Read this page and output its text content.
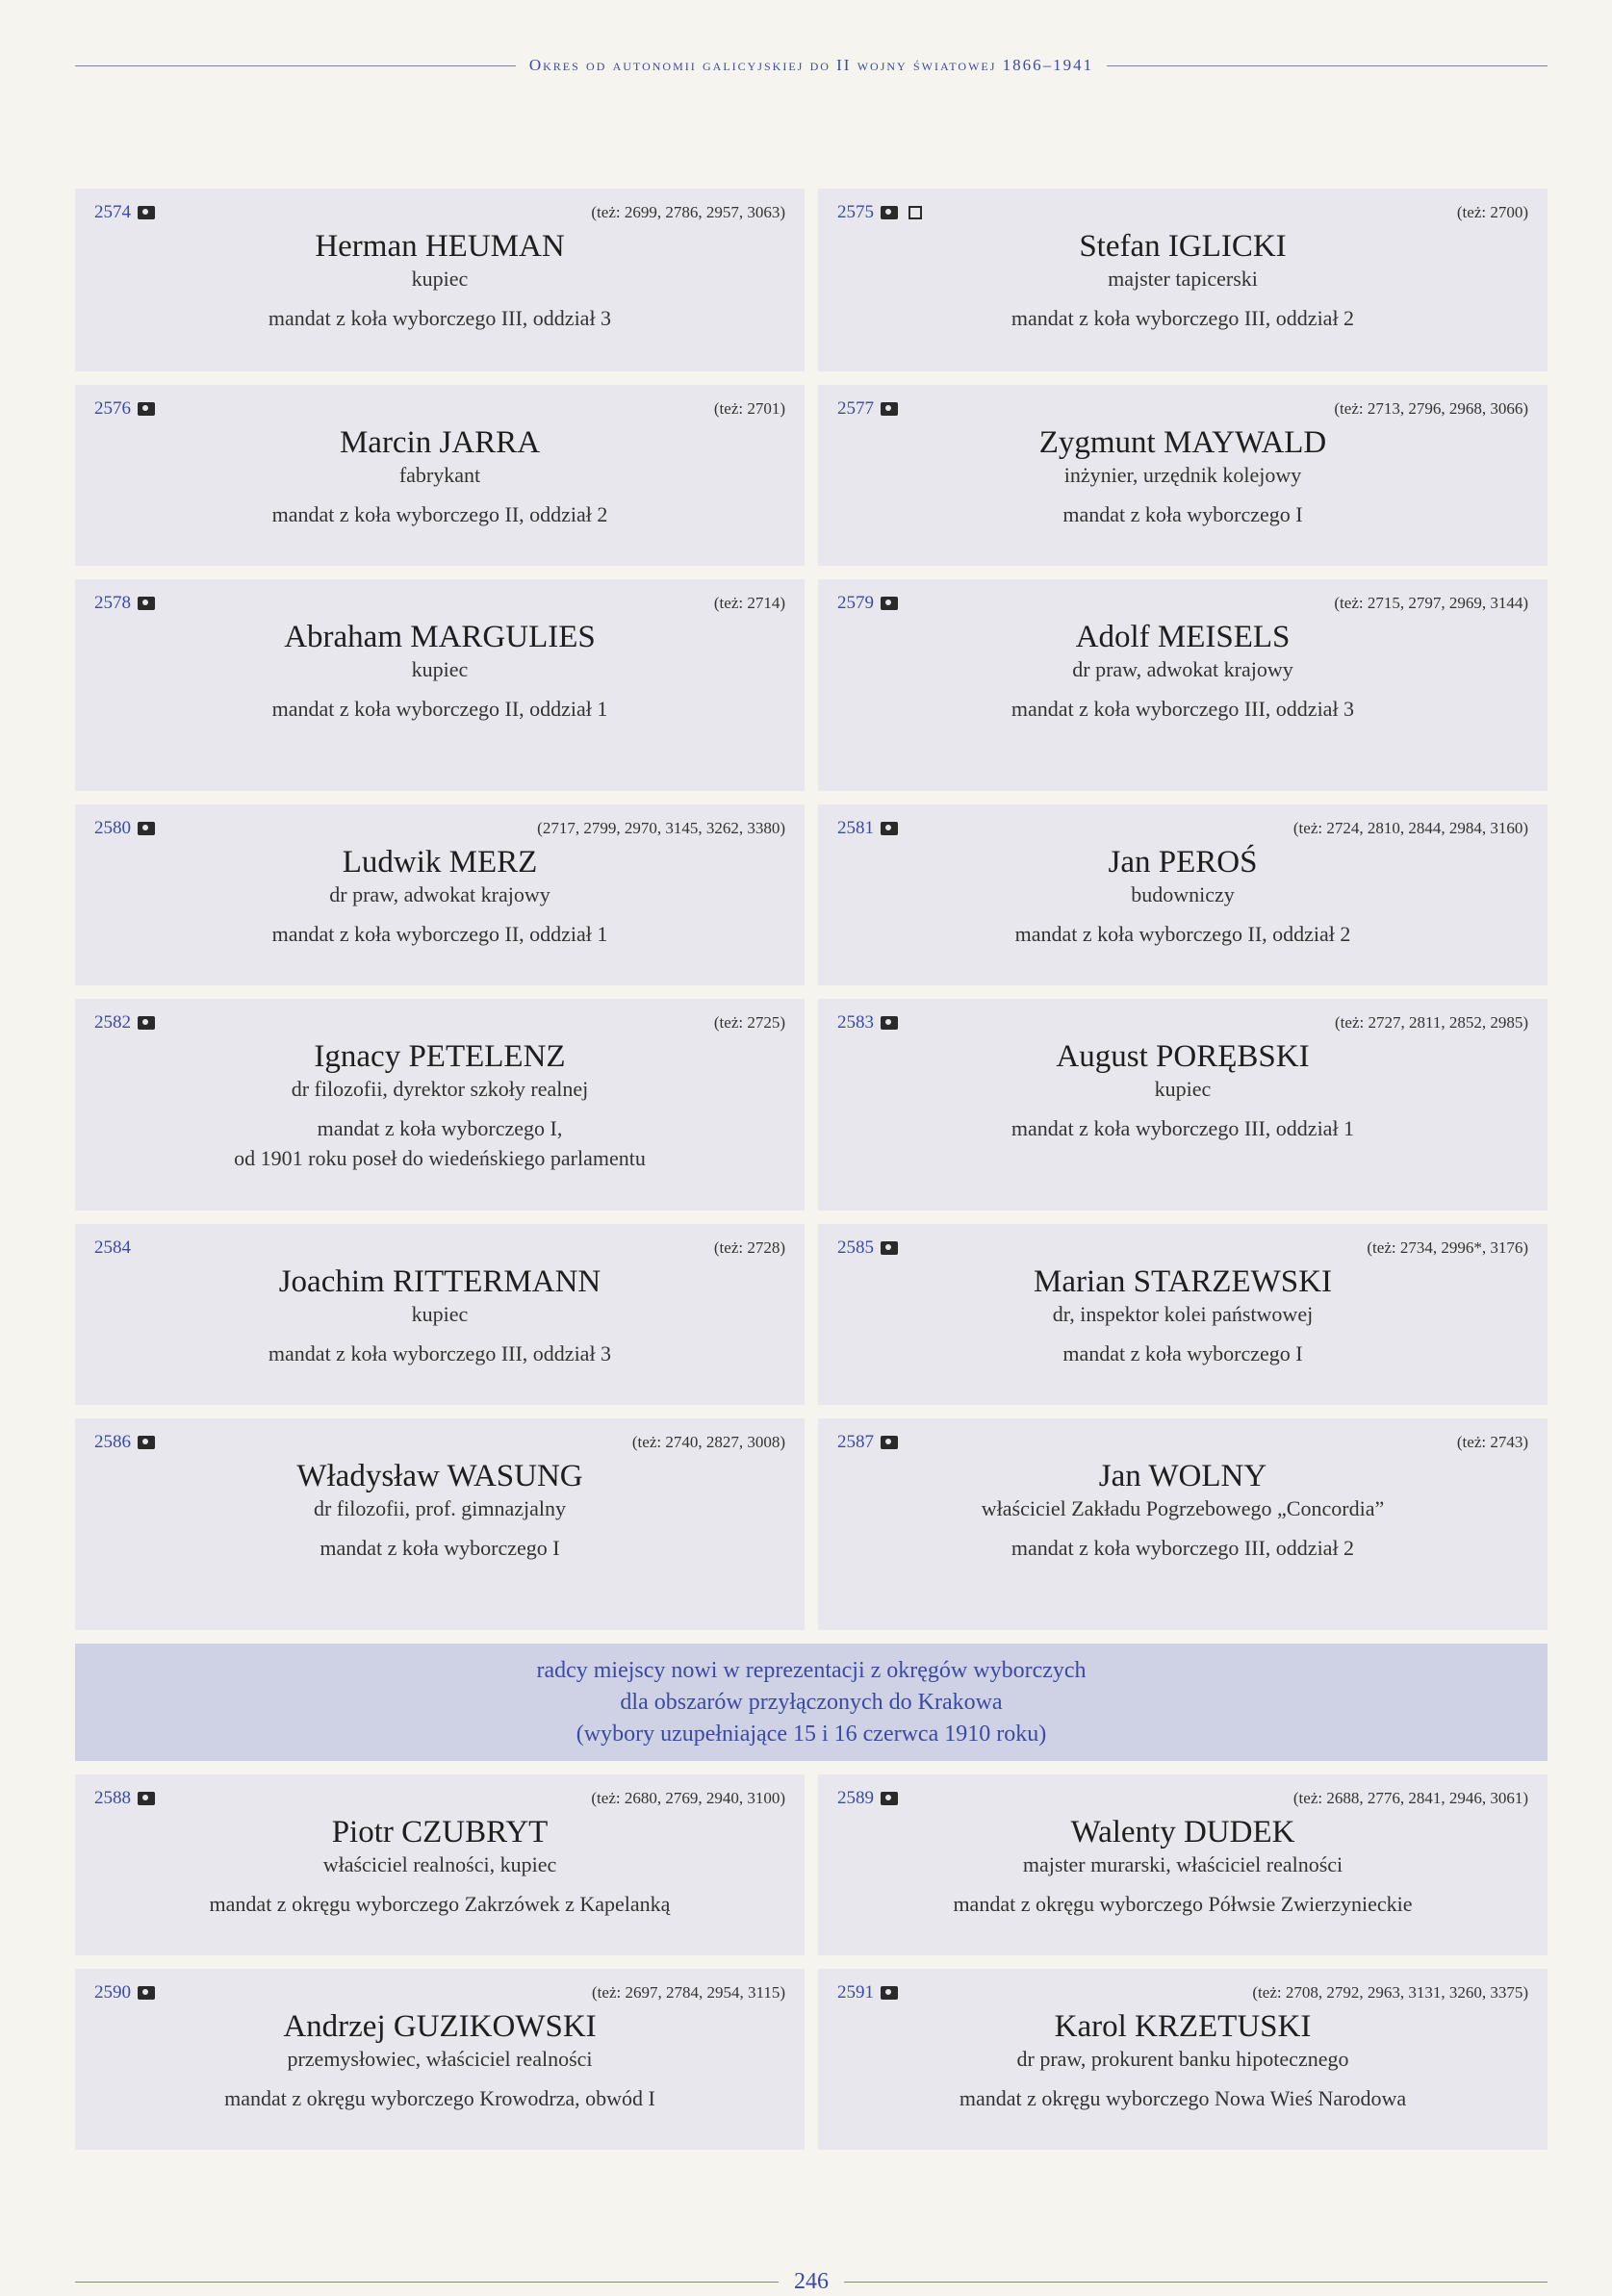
Okres od autonomii galicyjskiej do II wojny światowej 1866–1941
2574	(też: 2699, 2786, 2957, 3063)
Herman HEUMAN
kupiec
mandat z koła wyborczego III, oddział 3
2575	(też: 2700)
Stefan IGLICKI
majster tapicerski
mandat z koła wyborczego III, oddział 2
2576	(też: 2701)
Marcin JARRA
fabrykant
mandat z koła wyborczego II, oddział 2
2577	(też: 2713, 2796, 2968, 3066)
Zygmunt MAYWALD
inżynier, urzędnik kolejowy
mandat z koła wyborczego I
2578	(też: 2714)
Abraham MARGULIES
kupiec
mandat z koła wyborczego II, oddział 1
2579	(też: 2715, 2797, 2969, 3144)
Adolf MEISELS
dr praw, adwokat krajowy
mandat z koła wyborczego III, oddział 3
2580	(2717, 2799, 2970, 3145, 3262, 3380)
Ludwik MERZ
dr praw, adwokat krajowy
mandat z koła wyborczego II, oddział 1
2581	(też: 2724, 2810, 2844, 2984, 3160)
Jan PEROŚ
budowniczy
mandat z koła wyborczego II, oddział 2
2582	(też: 2725)
Ignacy PETELENZ
dr filozofii, dyrektor szkoły realnej
mandat z koła wyborczego I,
od 1901 roku poseł do wiedeńskiego parlamentu
2583	(też: 2727, 2811, 2852, 2985)
August PORĘBSKI
kupiec
mandat z koła wyborczego III, oddział 1
2584	(też: 2728)
Joachim RITTERMANN
kupiec
mandat z koła wyborczego III, oddział 3
2585	(też: 2734, 2996*, 3176)
Marian STARZEWSKI
dr, inspektor kolei państwowej
mandat z koła wyborczego I
2586	(też: 2740, 2827, 3008)
Władysław WASUNG
dr filozofii, prof. gimnazjalny
mandat z koła wyborczego I
2587	(też: 2743)
Jan WOLNY
właściciel Zakładu Pogrzebowego „Concordia”
mandat z koła wyborczego III, oddział 2
radcy miejscy nowi w reprezentacji z okręgów wyborczych
dla obszarów przyłączonych do Krakowa
(wybory uzupełniające 15 i 16 czerwca 1910 roku)
2588	(też: 2680, 2769, 2940, 3100)
Piotr CZUBRYT
właściciel realności, kupiec
mandat z okręgu wyborczego Zakrzówek z Kapelanką
2589	(też: 2688, 2776, 2841, 2946, 3061)
Walenty DUDEK
majster murarski, właściciel realności
mandat z okręgu wyborczego Półwsie Zwierzynieckie
2590	(też: 2697, 2784, 2954, 3115)
Andrzej GUZIKOWSKI
przemysłowiec, właściciel realności
mandat z okręgu wyborczego Krowodrza, obwód I
2591	(też: 2708, 2792, 2963, 3131, 3260, 3375)
Karol KRZETUSKI
dr praw, prokurent banku hipotecznego
mandat z okręgu wyborczego Nowa Wieś Narodowa
246
